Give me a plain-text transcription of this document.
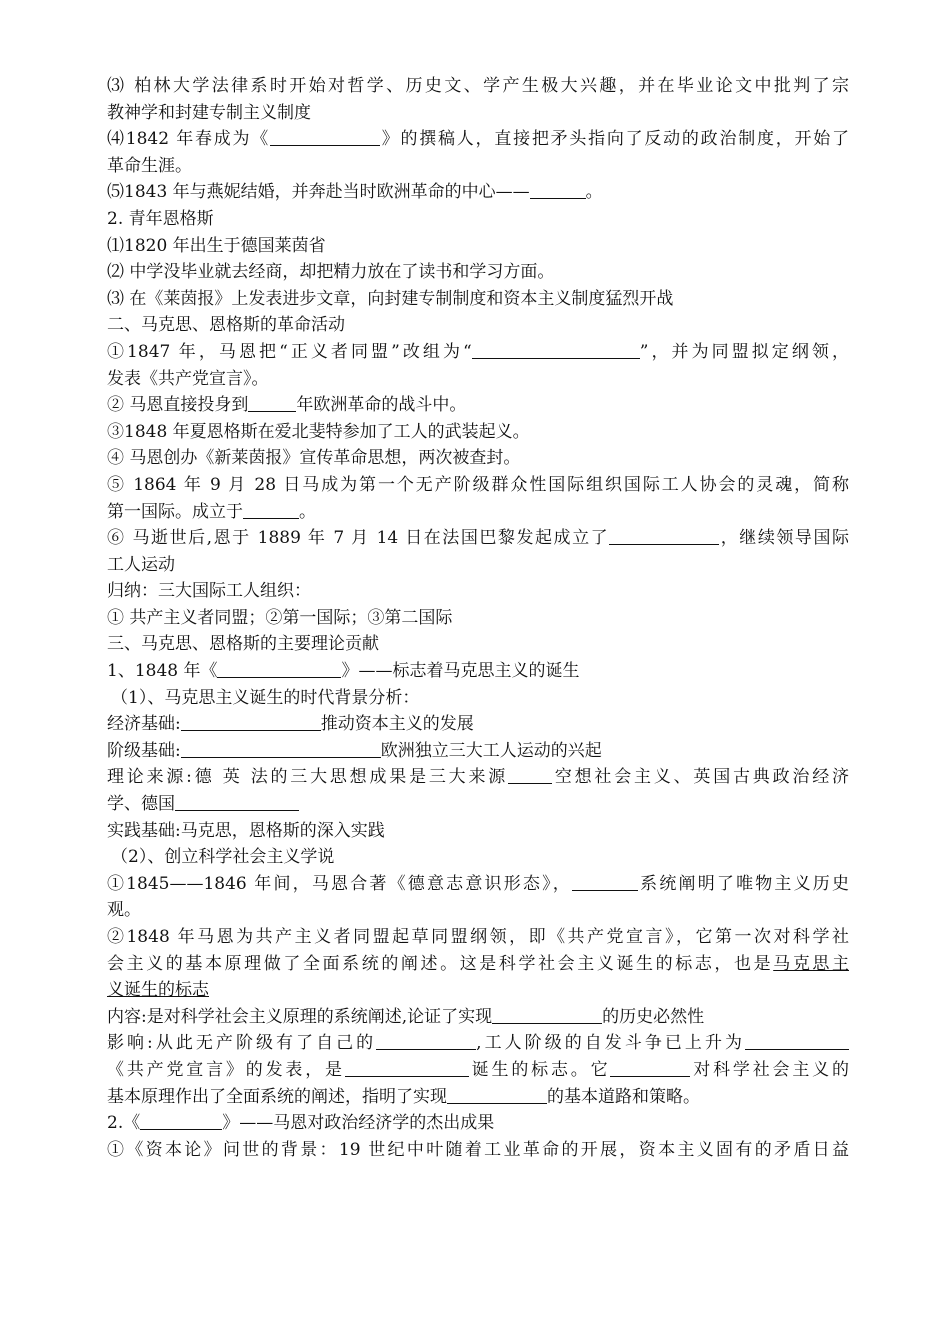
⑶ 柏林大学法律系时开始对哲学、历史文、学产生极大兴趣，并在毕业论文中批判了宗
教神学和封建专制主义制度
⑷1842 年春成为《	》的撰稿人，直接把矛头指向了反动的政治制度，开始了
革命生涯。
⑸1843 年与燕妮结婚，并奔赴当时欧洲革命的中心——	。
2. 青年恩格斯
⑴1820 年出生于德国莱茵省
⑵ 中学没毕业就去经商，却把精力放在了读书和学习方面。
⑶ 在《莱茵报》上发表进步文章，向封建专制制度和资本主义制度猛烈开战
二、马克思、恩格斯的革命活动
①1847 年，马恩把“正义者同盟”改组为“	”，并为同盟拟定纲领，
发表《共产党宣言》。
② 马恩直接投身到	年欧洲革命的战斗中。
③1848 年夏恩格斯在爱北斐特参加了工人的武装起义。
④ 马恩创办《新莱茵报》宣传革命思想，两次被查封。
⑤ 1864 年 9 月 28 日马成为第一个无产阶级群众性国际组织国际工人协会的灵魂，简称
第一国际。成立于	。
⑥ 马逝世后,恩于 1889 年 7 月 14 日在法国巴黎发起成立了	，继续领导国际
工人运动
归纳：三大国际工人组织：
① 共产主义者同盟；②第一国际；③第二国际
三、马克思、恩格斯的主要理论贡献
1、1848 年《	》——标志着马克思主义的诞生
（1）、马克思主义诞生的时代背景分析：
经济基础:	推动资本主义的发展
阶级基础:	欧洲独立三大工人运动的兴起
理论来源:德 英 法的三大思想成果是三大来源	空想社会主义、英国古典政治经济
学、德国
实践基础:马克思，恩格斯的深入实践
（2）、创立科学社会主义学说
①1845——1846 年间，马恩合著《德意志意识形态》，	系统阐明了唯物主义历史
观。
②1848 年马恩为共产主义者同盟起草同盟纲领，即《共产党宣言》，它第一次对科学社
会主义的基本原理做了全面系统的阐述。这是科学社会主义诞生的标志，也是马克思主
义诞生的标志
内容:是对科学社会主义原理的系统阐述,论证了实现	的历史必然性
影响:从此无产阶级有了自己的	,工人阶级的自发斗争已上升为
《共产党宣言》的发表，是	诞生的标志。它	对科学社会主义的
基本原理作出了全面系统的阐述，指明了实现	的基本道路和策略。
2.《	》——马恩对政治经济学的杰出成果
①《资本论》问世的背景：19 世纪中叶随着工业革命的开展，资本主义固有的矛盾日益
